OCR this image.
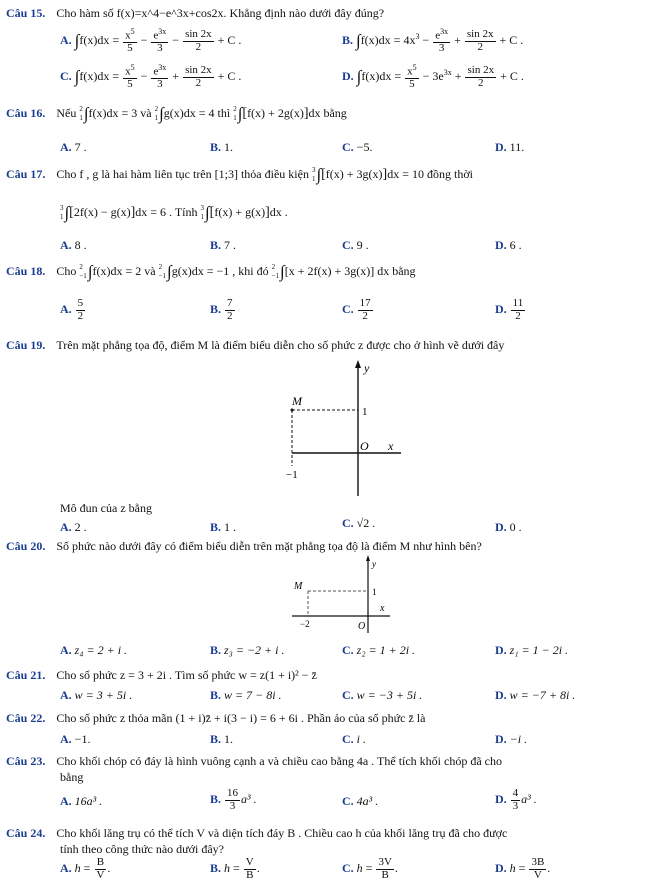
Câu 15. Cho hàm số f(x)=x^4−e^3x+cos2x. Khẳng định nào dưới đây đúng?
A. $\int f(x)dx = \frac{x^5}{5} - \frac{e^{3x}}{3} - \frac{\sin 2x}{2} + C$ .	B. $\int f(x)dx = 4x^3 - \frac{e^{3x}}{3} + \frac{\sin 2x}{2} + C$ .
C. $\int f(x)dx = \frac{x^5}{5} - \frac{e^{3x}}{3} + \frac{\sin 2x}{2} + C$ .	D. $\int f(x)dx = \frac{x^5}{5} - 3e^{3x} + \frac{\sin 2x}{2} + C$ .
Câu 16. Nếu 2
1 ∫f(x)dx = 3 và 2
1 ∫g(x)dx = 4 thì 2
1 ∫[f(x) + 2g(x)]dx bằng
A. 7 .	B. 1.	C. −5.	D. 11.
Câu 17. Cho f , g là hai hàm liên tục trên [1;3] thỏa điều kiện 3
1 ∫[f(x) + 3g(x)]dx = 10 đồng thời
3
1 ∫[2f(x) − g(x)]dx = 6 . Tính 3
1 ∫[f(x) + g(x)]dx .
A. 8 .	B. 7 .	C. 9 .	D. 6 .
Câu 18. Cho 2
−1 ∫f(x)dx = 2 và 2
−1 ∫g(x)dx = −1 , khi đó 2
−1 ∫[x + 2f(x) + 3g(x)] dx bằng
A. $\frac{5}{2}$	B. $\frac{7}{2}$	C. $\frac{17}{2}$	D. $\frac{11}{2}$
Câu 19. Trên mặt phẳng tọa độ, điểm M là điểm biểu diễn cho số phức z được cho ở hình vẽ dưới đây
y
M
1
O x
−1
Mô đun của z bằng
A. 2 .	B. 1 .	C. √2 .	D. 0 .
Câu 20. Số phức nào dưới đây có điểm biểu diễn trên mặt phẳng tọa độ là điểm M như hình bên?
y
M	1
x
−2	O
A. z₄ = 2 + i .	B. z₃ = −2 + i .	C. z₂ = 1 + 2i .	D. z₁ = 1 − 2i .
Câu 21. Cho số phức z = 3 + 2i . Tìm số phức w = z(1 + i)² − z̄
A. w = 3 + 5i .	B. w = 7 − 8i .	C. w = −3 + 5i .	D. w = −7 + 8i .
Câu 22. Cho số phức z thỏa mãn (1 + i)z̄ + i(3 − i) = 6 + 6i . Phần ảo của số phức z̄ là
A. −1.	B. 1.	C. i .	D. −i .
Câu 23. Cho khối chóp có đáy là hình vuông cạnh a và chiều cao bằng 4a . Thể tích khối chóp đã cho
bằng
A. 16a³ .	B. $\frac{16}{3} a^3$ .	C. 4a³ .	D. $\frac{4}{3} a^3$ .
Câu 24. Cho khối lăng trụ có thể tích V và diện tích đáy B . Chiều cao h của khối lăng trụ đã cho được
tính theo công thức nào dưới đây?
A. $h = \frac{B}{V}$ .	B. $h = \frac{V}{B}$ .	C. $h = \frac{3V}{B}$ .	D. $h = \frac{3B}{V}$ .
